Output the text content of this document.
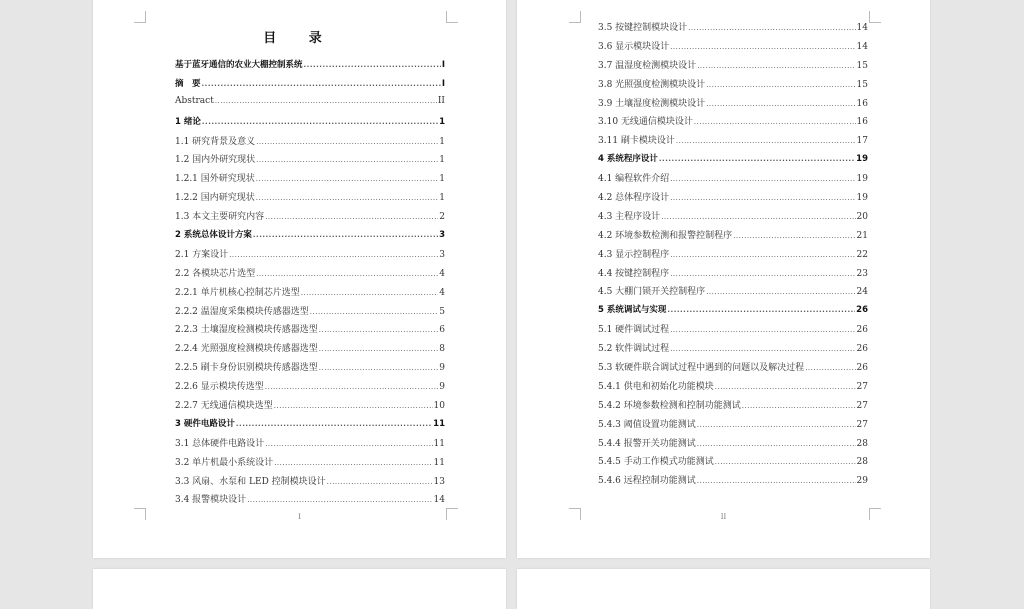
目 录
基于蓝牙通信的农业大棚控制系统 .....	I
摘　要 .....	I
Abstract .....	II
1 绪论 .....	1
1.1 研究背景及意义 .....	1
1.2 国内外研究现状 .....	1
1.2.1 国外研究现状 .....	1
1.2.2 国内研究现状 .....	1
1.3 本文主要研究内容 .....	2
2 系统总体设计方案 .....	3
2.1 方案设计 .....	3
2.2 各模块芯片选型 .....	4
2.2.1 单片机核心控制芯片选型 .....	4
2.2.2 温湿度采集模块传感器选型 .....	5
2.2.3 土壤湿度检测模块传感器选型 .....	6
2.2.4 光照强度检测模块传感器选型 .....	8
2.2.5 刷卡身份识别模块传感器选型 .....	9
2.2.6 显示模块传选型 .....	9
2.2.7 无线通信模块选型 .....	10
3 硬件电路设计 .....	11
3.1 总体硬件电路设计 .....	11
3.2 单片机最小系统设计 .....	11
3.3 风扇、水泵和 LED 控制模块设计 .....	13
3.4 报警模块设计 .....	14
I
3.5 按键控制模块设计 .....	14
3.6 显示模块设计 .....	14
3.7 温湿度检测模块设计 .....	15
3.8 光照强度检测模块设计 .....	15
3.9 土壤湿度检测模块设计 .....	16
3.10 无线通信模块设计 .....	16
3.11 刷卡模块设计 .....	17
4 系统程序设计 .....	19
4.1 编程软件介绍 .....	19
4.2 总体程序设计 .....	19
4.3 主程序设计 .....	20
4.2 环境参数检测和报警控制程序 .....	21
4.3 显示控制程序 .....	22
4.4 按键控制程序 .....	23
4.5 大棚门锁开关控制程序 .....	24
5 系统调试与实现 .....	26
5.1 硬件调试过程 .....	26
5.2 软件调试过程 .....	26
5.3 软硬件联合调试过程中遇到的问题以及解决过程 .....	26
5.4.1 供电和初始化功能模块 .....	27
5.4.2 环境参数检测和控制功能测试 .....	27
5.4.3 阈值设置功能测试 .....	27
5.4.4 报警开关功能测试 .....	28
5.4.5 手动工作模式功能测试 .....	28
5.4.6 远程控制功能测试 .....	29
II
